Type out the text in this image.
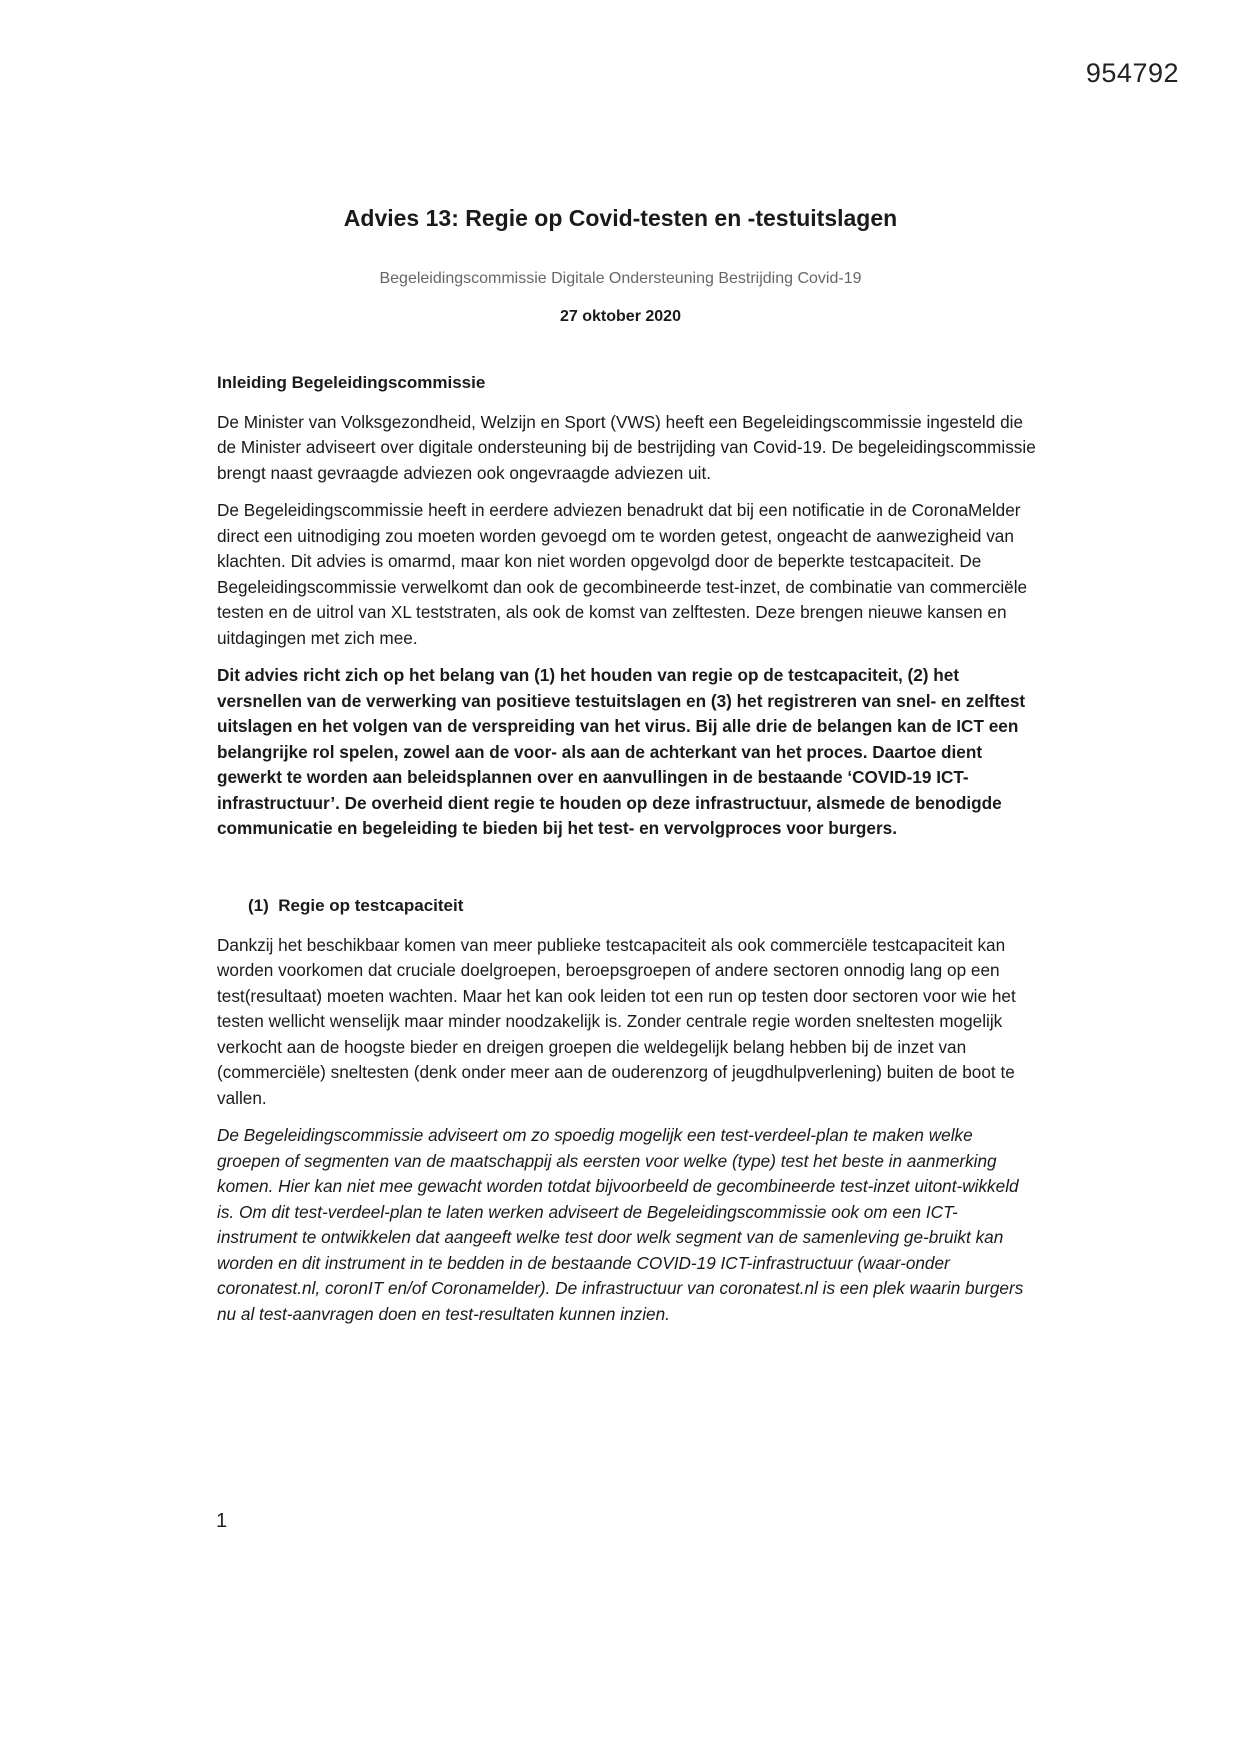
954792
Advies 13: Regie op Covid-testen en -testuitslagen
Begeleidingscommissie Digitale Ondersteuning Bestrijding Covid-19
27 oktober 2020

Inleiding Begeleidingscommissie

De Minister van Volksgezondheid, Welzijn en Sport (VWS) heeft een Begeleidingscommissie ingesteld die de Minister adviseert over digitale ondersteuning bij de bestrijding van Covid-19. De begeleidingscommissie brengt naast gevraagde adviezen ook ongevraagde adviezen uit.

De Begeleidingscommissie heeft in eerdere adviezen benadrukt dat bij een notificatie in de CoronaMelder direct een uitnodiging zou moeten worden gevoegd om te worden getest, ongeacht de aanwezigheid van klachten. Dit advies is omarmd, maar kon niet worden opgevolgd door de beperkte testcapaciteit. De Begeleidingscommissie verwelkomt dan ook de gecombineerde test-inzet, de combinatie van commerciële testen en de uitrol van XL teststraten, als ook de komst van zelftesten. Deze brengen nieuwe kansen en uitdagingen met zich mee.

Dit advies richt zich op het belang van (1) het houden van regie op de testcapaciteit, (2) het versnellen van de verwerking van positieve testuitslagen en (3) het registreren van snel- en zelftest uitslagen en het volgen van de verspreiding van het virus. Bij alle drie de belangen kan de ICT een belangrijke rol spelen, zowel aan de voor- als aan de achterkant van het proces. Daartoe dient gewerkt te worden aan beleidsplannen over en aanvullingen in de bestaande ‘COVID-19 ICT-infrastructuur’. De overheid dient regie te houden op deze infrastructuur, alsmede de benodigde communicatie en begeleiding te bieden bij het test- en vervolgproces voor burgers.

(1) Regie op testcapaciteit

Dankzij het beschikbaar komen van meer publieke testcapaciteit als ook commerciële testcapaciteit kan worden voorkomen dat cruciale doelgroepen, beroepsgroepen of andere sectoren onnodig lang op een test(resultaat) moeten wachten. Maar het kan ook leiden tot een run op testen door sectoren voor wie het testen wellicht wenselijk maar minder noodzakelijk is. Zonder centrale regie worden sneltesten mogelijk verkocht aan de hoogste bieder en dreigen groepen die weldegelijk belang hebben bij de inzet van (commerciële) sneltesten (denk onder meer aan de ouderenzorg of jeugdhulpverlening) buiten de boot te vallen.

De Begeleidingscommissie adviseert om zo spoedig mogelijk een test-verdeel-plan te maken welke groepen of segmenten van de maatschappij als eersten voor welke (type) test het beste in aanmerking komen. Hier kan niet mee gewacht worden totdat bijvoorbeeld de gecombineerde test-inzet uitont-wikkeld is. Om dit test-verdeel-plan te laten werken adviseert de Begeleidingscommissie ook om een ICT-instrument te ontwikkelen dat aangeeft welke test door welk segment van de samenleving ge-bruikt kan worden en dit instrument in te bedden in de bestaande COVID-19 ICT-infrastructuur (waar-onder coronatest.nl, coronIT en/of Coronamelder). De infrastructuur van coronatest.nl is een plek waarin burgers nu al test-aanvragen doen en test-resultaten kunnen inzien.

1
